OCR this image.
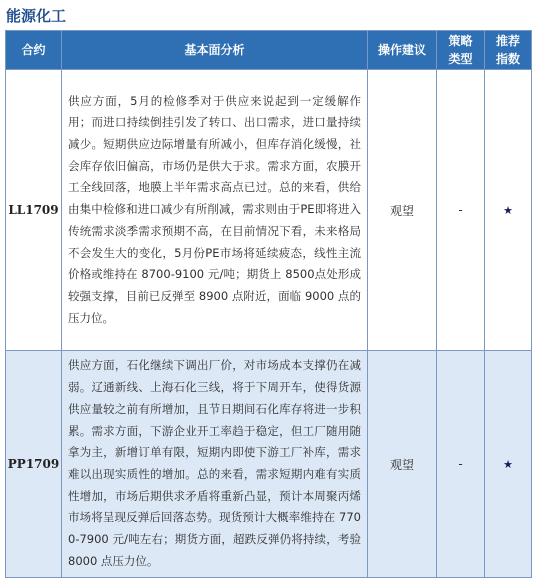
能源化工
合约	基本面分析	操作建议	策略类型	推荐指数
LL1709	供应方面，5月的检修季对于供应来说起到一定缓解作用；而进口持续倒挂引发了转口、出口需求，进口量持续减少。短期供应边际增量有所减小，但库存消化缓慢，社会库存依旧偏高，市场仍是供大于求。需求方面，农膜开工全线回落，地膜上半年需求高点已过。总的来看，供给由集中检修和进口减少有所削减，需求则由于PE即将进入传统需求淡季需求预期不高，在目前情况下看，未来格局不会发生大的变化，5月份PE市场将延续疲态，线性主流价格或维持在 8700-9100 元/吨；期货上 8500点处形成较强支撑，目前已反弹至 8900 点附近，面临 9000 点的压力位。	观望	-	★
PP1709	供应方面，石化继续下调出厂价，对市场成本支撑仍在减弱。辽通新线、上海石化三线，将于下周开车，使得货源供应量较之前有所增加，且节日期间石化库存将进一步积累。需求方面，下游企业开工率趋于稳定，但工厂随用随拿为主，新增订单有限，短期内即使下游工厂补库，需求难以出现实质性的增加。总的来看，需求短期内难有实质性增加，市场后期供求矛盾将重新凸显，预计本周聚丙烯市场将呈现反弹后回落态势。现货预计大概率维持在 7700-7900 元/吨左右；期货方面，超跌反弹仍将持续，考验 8000 点压力位。	观望	-	★
